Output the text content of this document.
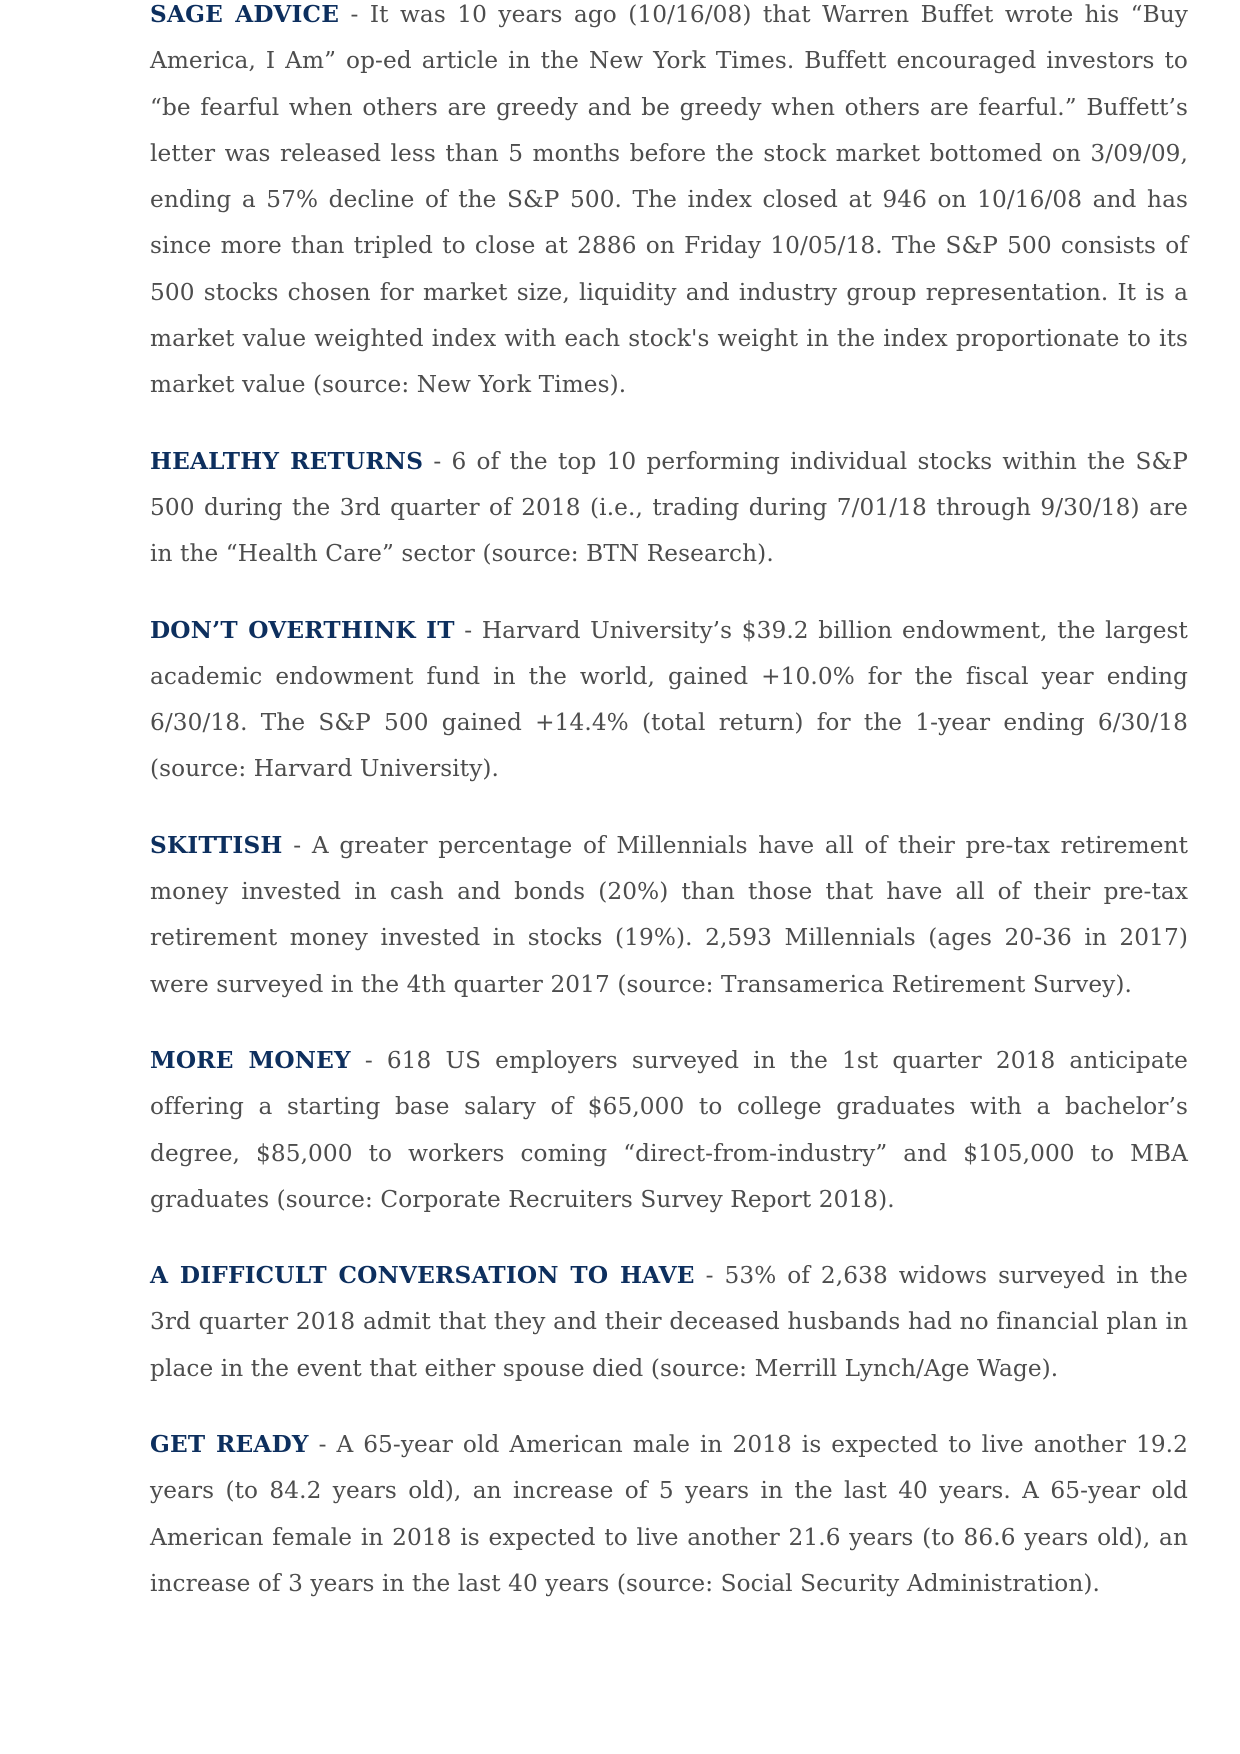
SAGE ADVICE - It was 10 years ago (10/16/08) that Warren Buffet wrote his “Buy America, I Am” op-ed article in the New York Times. Buffett encouraged investors to “be fearful when others are greedy and be greedy when others are fearful.” Buffett’s letter was released less than 5 months before the stock market bottomed on 3/09/09, ending a 57% decline of the S&P 500. The index closed at 946 on 10/16/08 and has since more than tripled to close at 2886 on Friday 10/05/18. The S&P 500 consists of 500 stocks chosen for market size, liquidity and industry group representation. It is a market value weighted index with each stock's weight in the index proportionate to its market value (source: New York Times).

HEALTHY RETURNS - 6 of the top 10 performing individual stocks within the S&P 500 during the 3rd quarter of 2018 (i.e., trading during 7/01/18 through 9/30/18) are in the “Health Care” sector (source: BTN Research).

DON’T OVERTHINK IT - Harvard University’s $39.2 billion endowment, the largest academic endowment fund in the world, gained +10.0% for the fiscal year ending 6/30/18. The S&P 500 gained +14.4% (total return) for the 1-year ending 6/30/18 (source: Harvard University).

SKITTISH - A greater percentage of Millennials have all of their pre-tax retirement money invested in cash and bonds (20%) than those that have all of their pre-tax retirement money invested in stocks (19%). 2,593 Millennials (ages 20-36 in 2017) were surveyed in the 4th quarter 2017 (source: Transamerica Retirement Survey).

MORE MONEY - 618 US employers surveyed in the 1st quarter 2018 anticipate offering a starting base salary of $65,000 to college graduates with a bachelor’s degree, $85,000 to workers coming “direct-from-industry” and $105,000 to MBA graduates (source: Corporate Recruiters Survey Report 2018).

A DIFFICULT CONVERSATION TO HAVE - 53% of 2,638 widows surveyed in the 3rd quarter 2018 admit that they and their deceased husbands had no financial plan in place in the event that either spouse died (source: Merrill Lynch/Age Wage).

GET READY - A 65-year old American male in 2018 is expected to live another 19.2 years (to 84.2 years old), an increase of 5 years in the last 40 years. A 65-year old American female in 2018 is expected to live another 21.6 years (to 86.6 years old), an increase of 3 years in the last 40 years (source: Social Security Administration).
